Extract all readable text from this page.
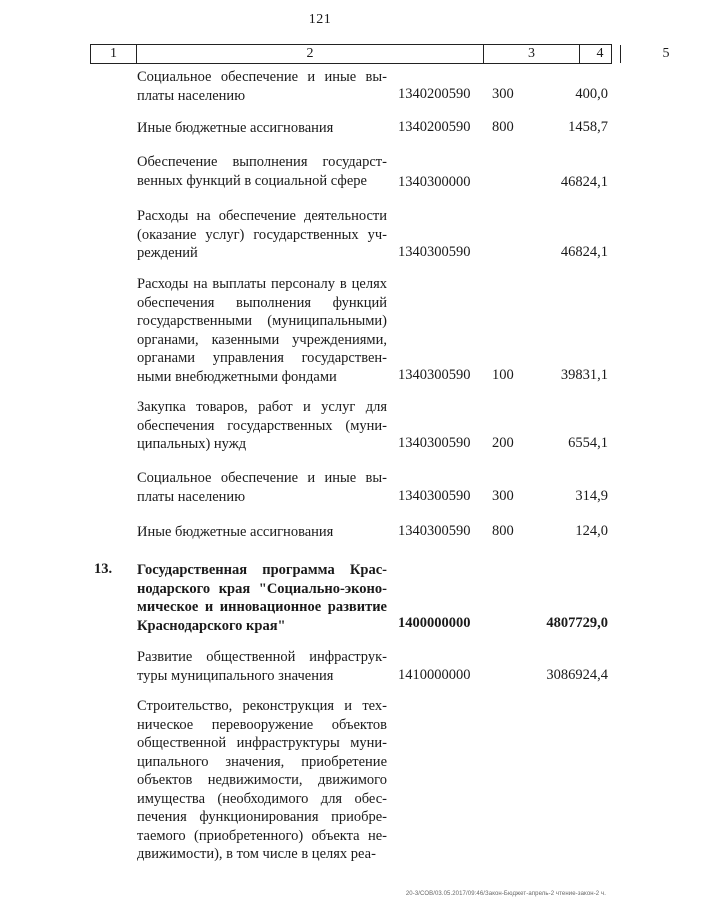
121
1	2	3	4	5
Социальное обеспечение и иные выплаты населению	1340200590 300	400,0
Иные бюджетные ассигнования	1340200590 800	1458,7
Обеспечение выполнения государственных функций в социальной сфере	1340300000	46824,1
Расходы на обеспечение деятельности (оказание услуг) государственных учреждений	1340300590	46824,1
Расходы на выплаты персоналу в целях обеспечения выполнения функций государственными (муниципальными) органами, казенными учреждениями, органами управления государственными внебюджетными фондами	1340300590 100	39831,1
Закупка товаров, работ и услуг для обеспечения государственных (муниципальных) нужд	1340300590 200	6554,1
Социальное обеспечение и иные выплаты населению	1340300590 300	314,9
Иные бюджетные ассигнования	1340300590 800	124,0
13. Государственная программа Краснодарского края "Социально-экономическое и инновационное развитие Краснодарского края"	1400000000	4807729,0
Развитие общественной инфраструктуры муниципального значения	1410000000	3086924,4
Строительство, реконструкция и техническое перевооружение объектов общественной инфраструктуры муниципального значения, приобретение объектов недвижимости, движимого имущества (необходимого для обеспечения функционирования приобретаемого (приобретенного) объекта недвижимости), в том числе в целях реа-
20-3/СОВ/03.05.2017/09:46/Закон-Бюджет-апрель-2 чтение-закон-2 ч.
